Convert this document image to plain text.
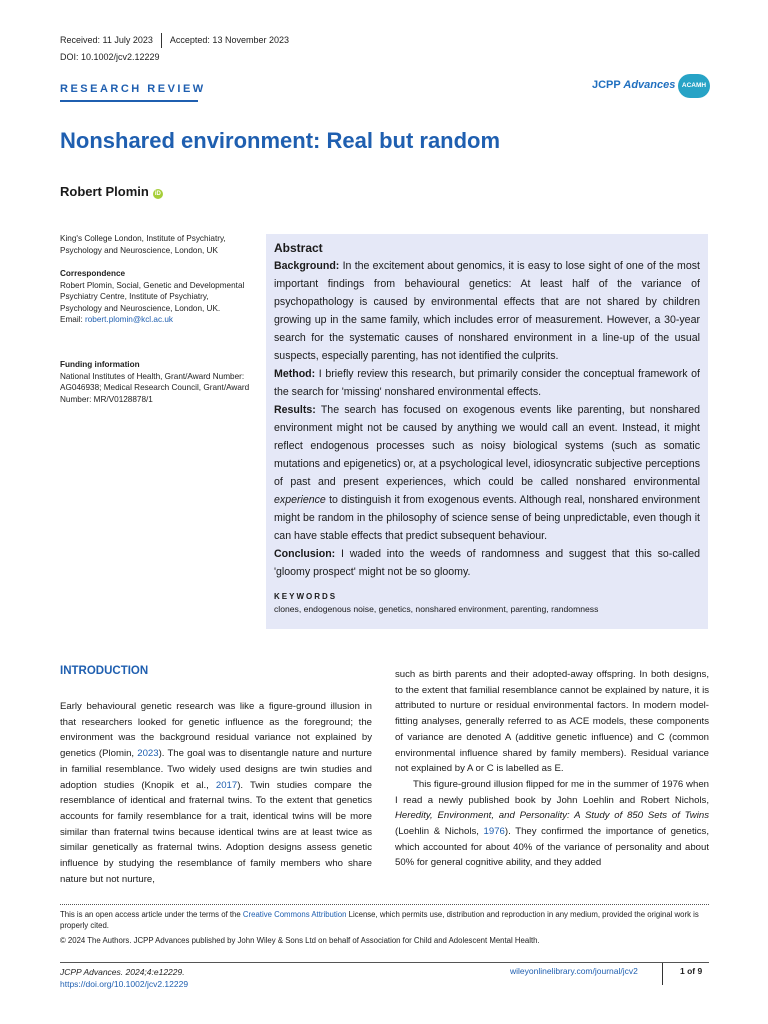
Received: 11 July 2023 Accepted: 13 November 2023
DOI: 10.1002/jcv2.12229
RESEARCH REVIEW	JCPP Advances	ACAMH
Nonshared environment: Real but random
Robert Plomin iD
King's College London, Institute of Psychiatry, Psychology and Neuroscience, London, UK
Correspondence
Robert Plomin, Social, Genetic and Developmental Psychiatry Centre, Institute of Psychiatry, Psychology and Neuroscience, London, UK.
Email: robert.plomin@kcl.ac.uk
Funding information
National Institutes of Health, Grant/Award Number: AG046938; Medical Research Council, Grant/Award Number: MR/V0128878/1
Abstract

Background: In the excitement about genomics, it is easy to lose sight of one of the most important findings from behavioural genetics: At least half of the variance of psychopathology is caused by environmental effects that are not shared by children growing up in the same family, which includes error of measurement. However, a 30-year search for the systematic causes of nonshared environment in a line-up of the usual suspects, especially parenting, has not identified the culprits.

Method: I briefly review this research, but primarily consider the conceptual framework of the search for 'missing' nonshared environmental effects.

Results: The search has focused on exogenous events like parenting, but nonshared environment might not be caused by anything we would call an event. Instead, it might reflect endogenous processes such as noisy biological systems (such as somatic mutations and epigenetics) or, at a psychological level, idiosyncratic subjective perceptions of past and present experiences, which could be called nonshared environmental experience to distinguish it from exogenous events. Although real, nonshared environment might be random in the philosophy of science sense of being unpredictable, even though it can have stable effects that predict subsequent behaviour.

Conclusion: I waded into the weeds of randomness and suggest that this so-called 'gloomy prospect' might not be so gloomy.

KEYWORDS
clones, endogenous noise, genetics, nonshared environment, parenting, randomness
INTRODUCTION

Early behavioural genetic research was like a figure-ground illusion in that researchers looked for genetic influence as the foreground; the environment was the background residual variance not explained by genetics (Plomin, 2023). The goal was to disentangle nature and nurture in familial resemblance. Two widely used designs are twin studies and adoption studies (Knopik et al., 2017). Twin studies compare the resemblance of identical and fraternal twins. To the extent that genetics accounts for family resemblance for a trait, identical twins will be more similar than fraternal twins because identical twins are at least twice as similar genetically as fraternal twins. Adoption designs assess genetic influence by studying the resemblance of family members who share nature but not nurture,

such as birth parents and their adopted-away offspring. In both designs, to the extent that familial resemblance cannot be explained by nature, it is attributed to nurture or residual environmental factors. In modern model-fitting analyses, generally referred to as ACE models, these components of variance are denoted A (additive genetic influence) and C (common environmental influence shared by family members). Residual variance not explained by A or C is labelled as E.

This figure-ground illusion flipped for me in the summer of 1976 when I read a newly published book by John Loehlin and Robert Nichols, Heredity, Environment, and Personality: A Study of 850 Sets of Twins (Loehlin & Nichols, 1976). They confirmed the importance of genetics, which accounted for about 40% of the variance of personality and about 50% for general cognitive ability, and they added

This is an open access article under the terms of the Creative Commons Attribution License, which permits use, distribution and reproduction in any medium, provided the original work is properly cited.
© 2024 The Authors. JCPP Advances published by John Wiley & Sons Ltd on behalf of Association for Child and Adolescent Mental Health.
JCPP Advances. 2024;4:e12229.
https://doi.org/10.1002/jcv2.12229
wileyonlinelibrary.com/journal/jcv2	1 of 9
